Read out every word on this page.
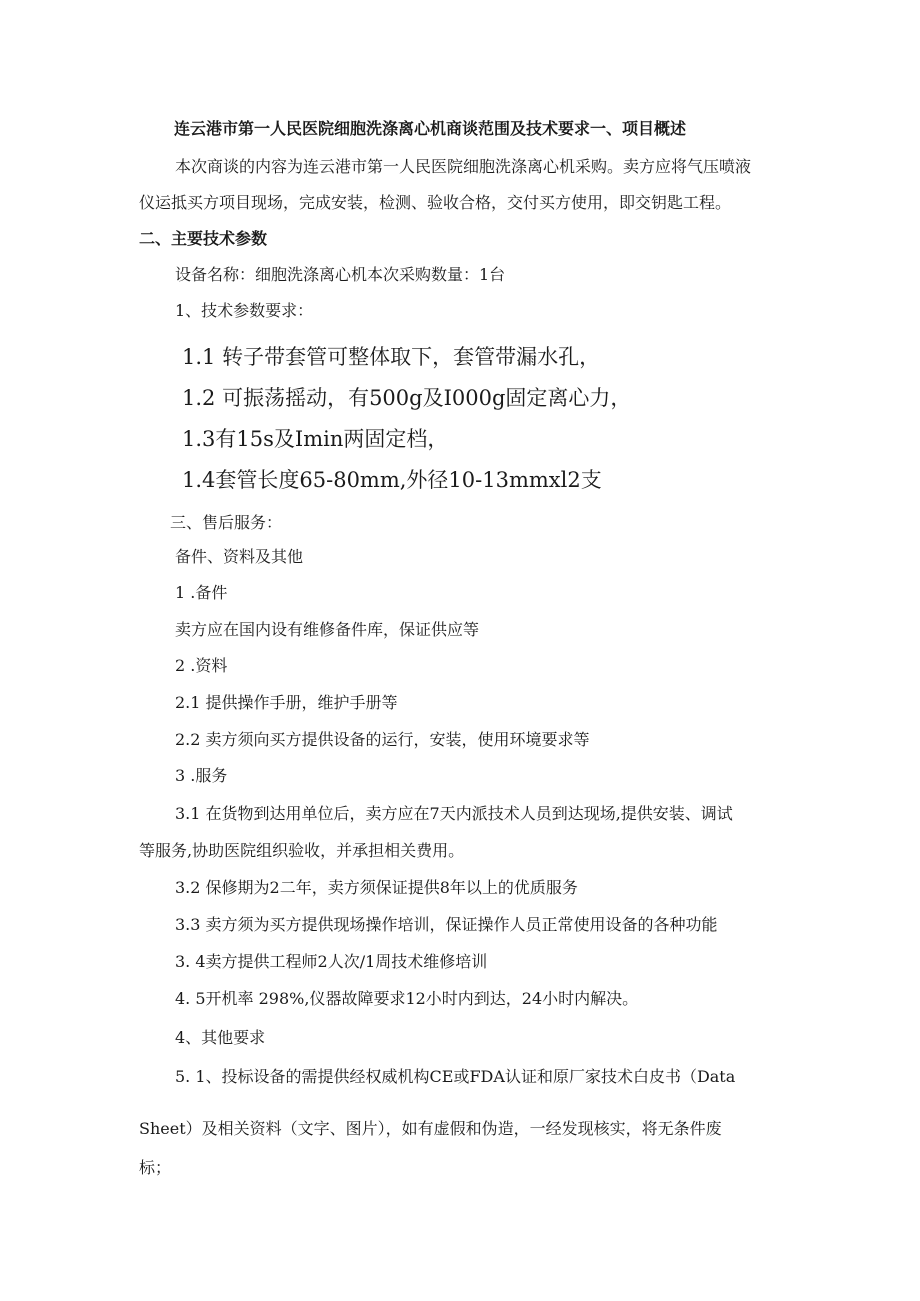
连云港市第一人民医院细胞洗涤离心机商谈范围及技术要求一、项目概述
本次商谈的内容为连云港市第一人民医院细胞洗涤离心机采购。卖方应将气压喷液
仪运抵买方项目现场，完成安装，检测、验收合格，交付买方使用，即交钥匙工程。
二、主要技术参数
设备名称：细胞洗涤离心机本次采购数量：1台
1、技术参数要求：
1.1 转子带套管可整体取下，套管带漏水孔，
1.2 可振荡摇动，有500g及I000g固定离心力，
1.3有15s及Imin两固定档，
1.4套管长度65-80mm,外径10-13mmxl2支
三、售后服务：
备件、资料及其他
1 .备件
卖方应在国内设有维修备件库，保证供应等
2 .资料
2.1 提供操作手册，维护手册等
2.2 卖方须向买方提供设备的运行，安装，使用环境要求等
3 .服务
3.1 在货物到达用单位后，卖方应在7天内派技术人员到达现场,提供安装、调试
等服务,协助医院组织验收，并承担相关费用。
3.2 保修期为2二年，卖方须保证提供8年以上的优质服务
3.3 卖方须为买方提供现场操作培训，保证操作人员正常使用设备的各种功能
3. 4卖方提供工程师2人次/1周技术维修培训
4. 5开机率 298%,仪器故障要求12小时内到达，24小时内解决。
4、其他要求
5. 1、投标设备的需提供经权威机构CE或FDA认证和原厂家技术白皮书（Data
Sheet）及相关资料（文字、图片），如有虚假和伪造，一经发现核实，将无条件废
标；
